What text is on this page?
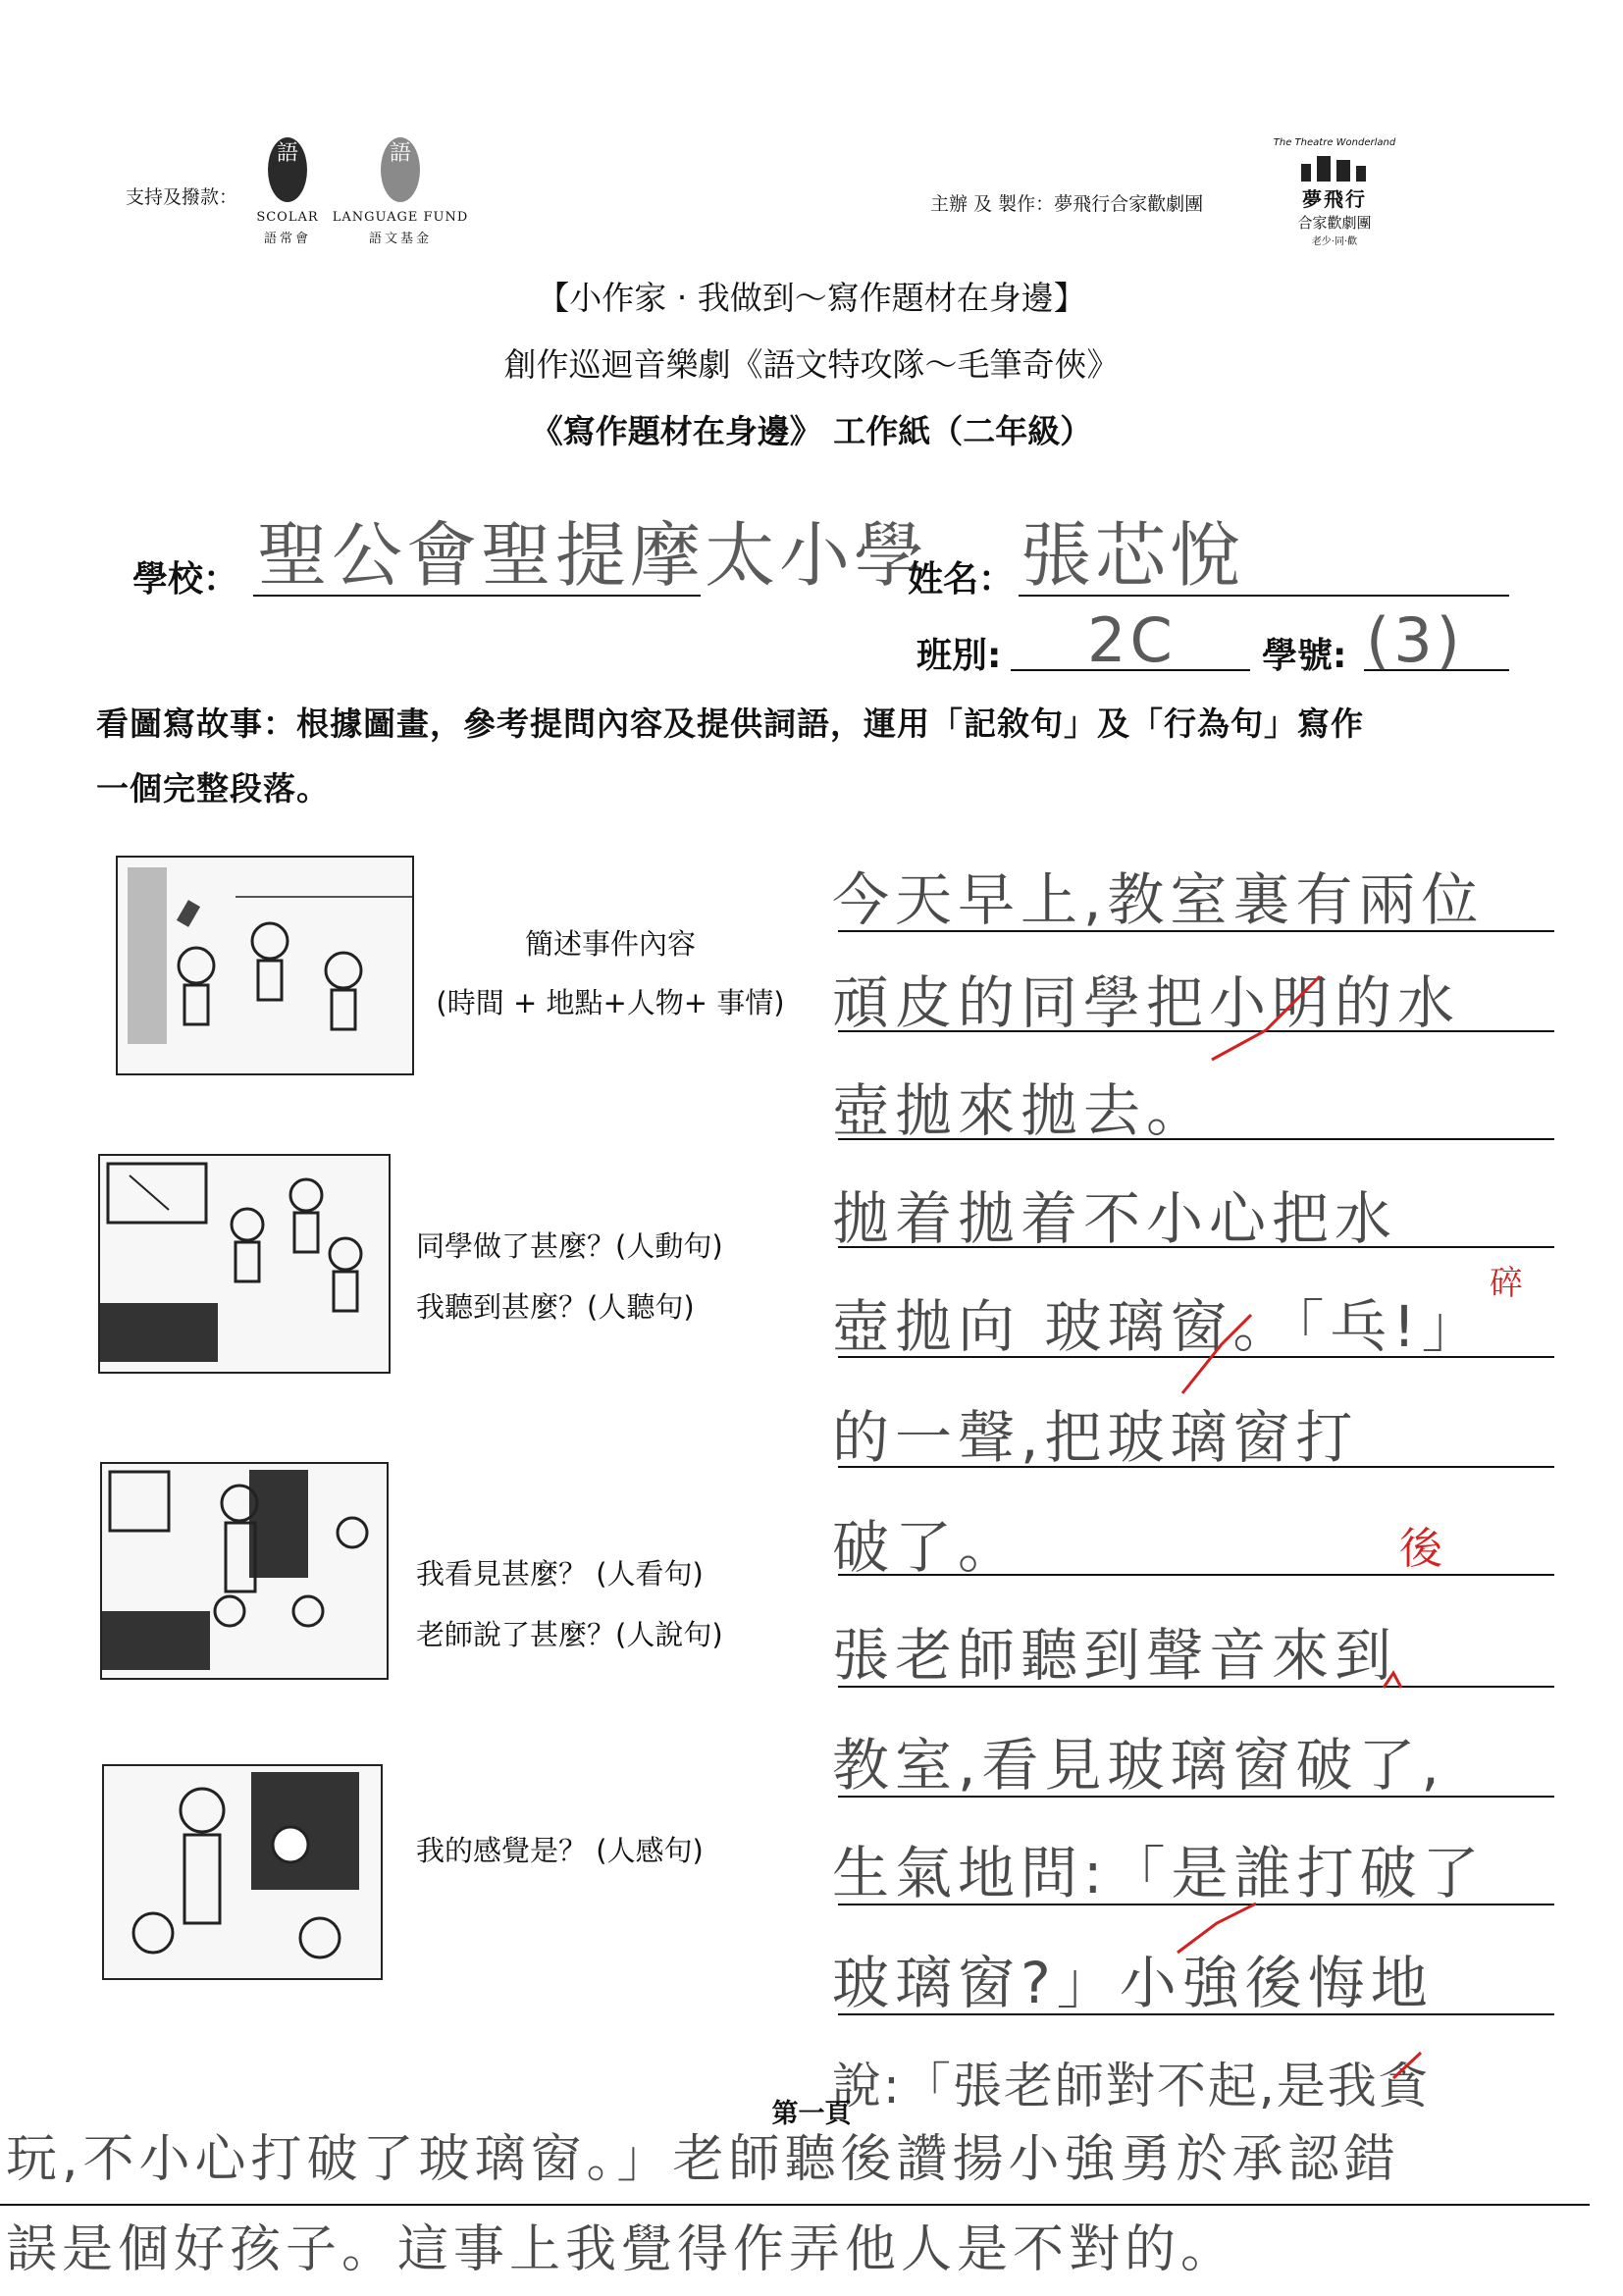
支持及撥款：
語
SCOLAR
語常會
語
LANGUAGE FUND
語文基金
主辦 及 製作：夢飛行合家歡劇團
The Theatre Wonderland
夢飛行
合家歡劇團
老少‧同‧歡
【小作家 ‧ 我做到～寫作題材在身邊】
創作巡迴音樂劇《語文特攻隊～毛筆奇俠》
《寫作題材在身邊》 工作紙（二年級）
學校： 聖公會聖提摩太小學
姓名： 張芯悅
班別: 2C 學號: (3)
看圖寫故事：根據圖畫，參考提問內容及提供詞語，運用「記敘句」及「行為句」寫作
一個完整段落。
簡述事件內容
(時間 + 地點+人物+ 事情)
同學做了甚麼？(人動句)
我聽到甚麼？(人聽句)
我看見甚麼？ (人看句)
老師說了甚麼？(人說句)
我的感覺是？ (人感句)
今天早上,教室裏有兩位
頑皮的同學把小明的水
壺拋來拋去。
拋着拋着不小心把水
壺拋向 玻璃窗。「乓!」
的一聲,把玻璃窗打
破了。
張老師聽到聲音來到
教室,看見玻璃窗破了,
生氣地問:「是誰打破了
玻璃窗?」小強後悔地
說:「張老師對不起,是我貪
玩,不小心打破了玻璃窗。」老師聽後讚揚小強勇於承認錯
誤是個好孩子。這事上我覺得作弄他人是不對的。
後
碎
第一頁
